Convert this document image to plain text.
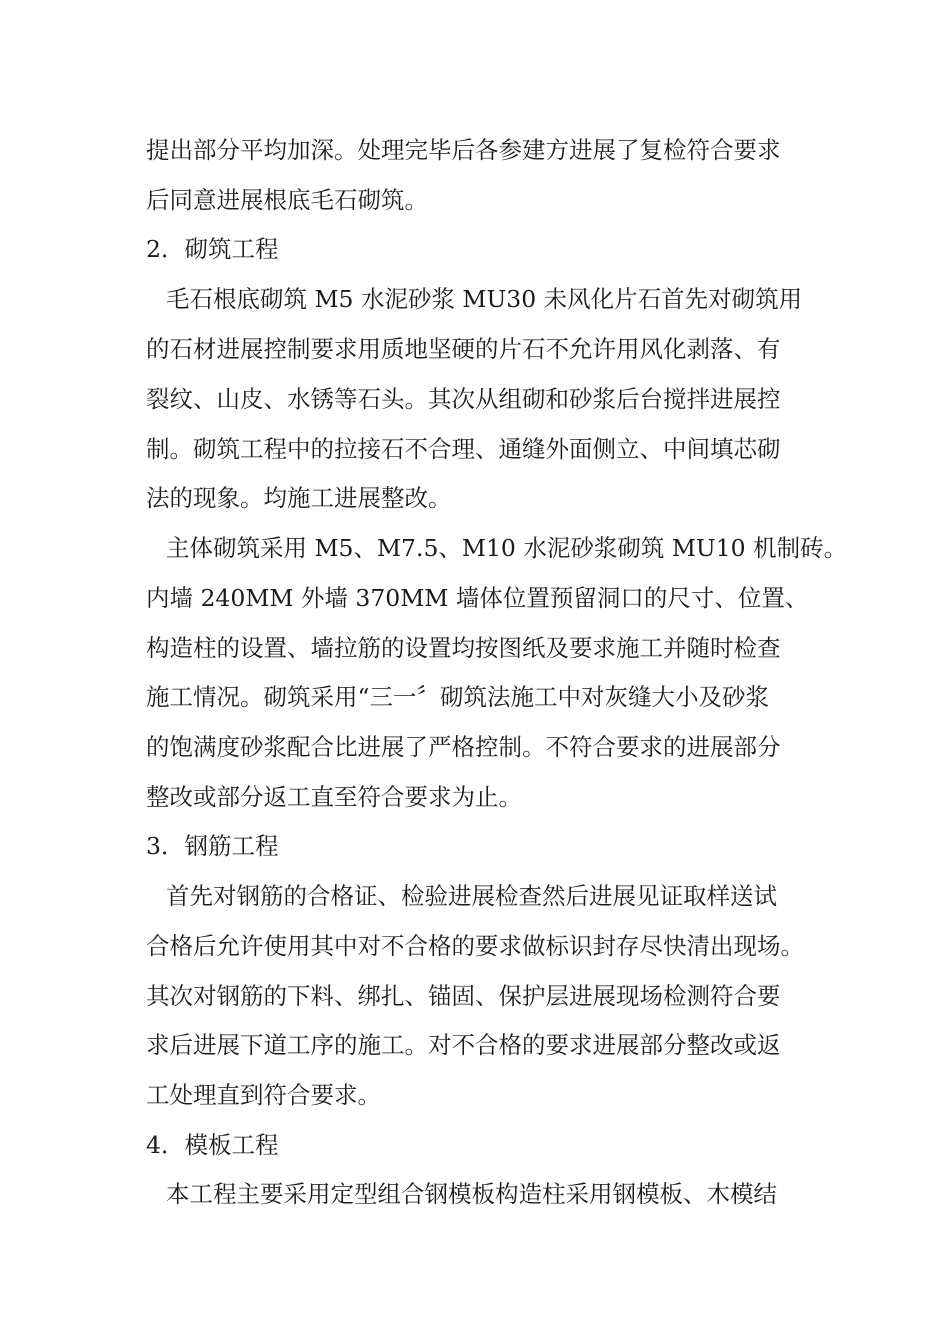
提出部分平均加深。处理完毕后各参建方进展了复检符合要求
后同意进展根底毛石砌筑。
2．砌筑工程
毛石根底砌筑 M5 水泥砂浆 MU30 未风化片石首先对砌筑用
的石材进展控制要求用质地坚硬的片石不允许用风化剥落、有
裂纹、山皮、水锈等石头。其次从组砌和砂浆后台搅拌进展控
制。砌筑工程中的拉接石不合理、通缝外面侧立、中间填芯砌
法的现象。均施工进展整改。
主体砌筑采用 M5、M7.5、M10 水泥砂浆砌筑 MU10 机制砖。
内墙 240MM 外墙 370MM 墙体位置预留洞口的尺寸、位置、
构造柱的设置、墙拉筋的设置均按图纸及要求施工并随时检查
施工情况。砌筑采用“三一〞砌筑法施工中对灰缝大小及砂浆
的饱满度砂浆配合比进展了严格控制。不符合要求的进展部分
整改或部分返工直至符合要求为止。
3．钢筋工程
首先对钢筋的合格证、检验进展检查然后进展见证取样送试
合格后允许使用其中对不合格的要求做标识封存尽快清出现场。
其次对钢筋的下料、绑扎、锚固、保护层进展现场检测符合要
求后进展下道工序的施工。对不合格的要求进展部分整改或返
工处理直到符合要求。
4．模板工程
本工程主要采用定型组合钢模板构造柱采用钢模板、木模结
